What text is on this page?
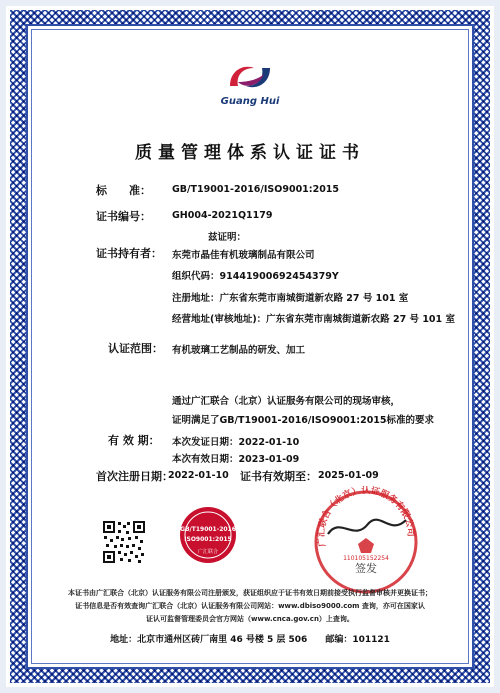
Guang Hui
质量管理体系认证证书
标　　准： GB/T19001-2016/ISO9001:2015
证书编号： GH004-2021Q1179
兹证明：
证书持有者： 东莞市晶佳有机玻璃制品有限公司
组织代码：91441900692454379Y
注册地址：广东省东莞市南城街道新农路 27 号 101 室
经营地址(审核地址)：广东省东莞市南城街道新农路 27 号 101 室
认证范围： 有机玻璃工艺制品的研发、加工
通过广汇联合（北京）认证服务有限公司的现场审核，
证明满足了GB/T19001-2016/ISO9001:2015标准的要求
有 效 期： 本次发证日期：2022-01-10
本次有效日期：2023-01-09
首次注册日期：
2022-01-10 证书有效期至： 2025-01-09
GB/T19001-2016
ISO9001:2015
广汇联合
广汇联合（北京）认证服务有限公司
签发
110105152254
本证书由广汇联合（北京）认证服务有限公司注册颁发，获证组织应于证书有效日期前接受执行监督审核并更换证书；
证书信息是否有效查询广汇联合（北京）认证服务有限公司网站：www.dbiso9000.com 查询，亦可在国家认
证认可监督管理委员会官方网站（www.cnca.gov.cn）上查询。
地址：北京市通州区砖厂南里 46 号楼 5 层 506　　邮编：101121
